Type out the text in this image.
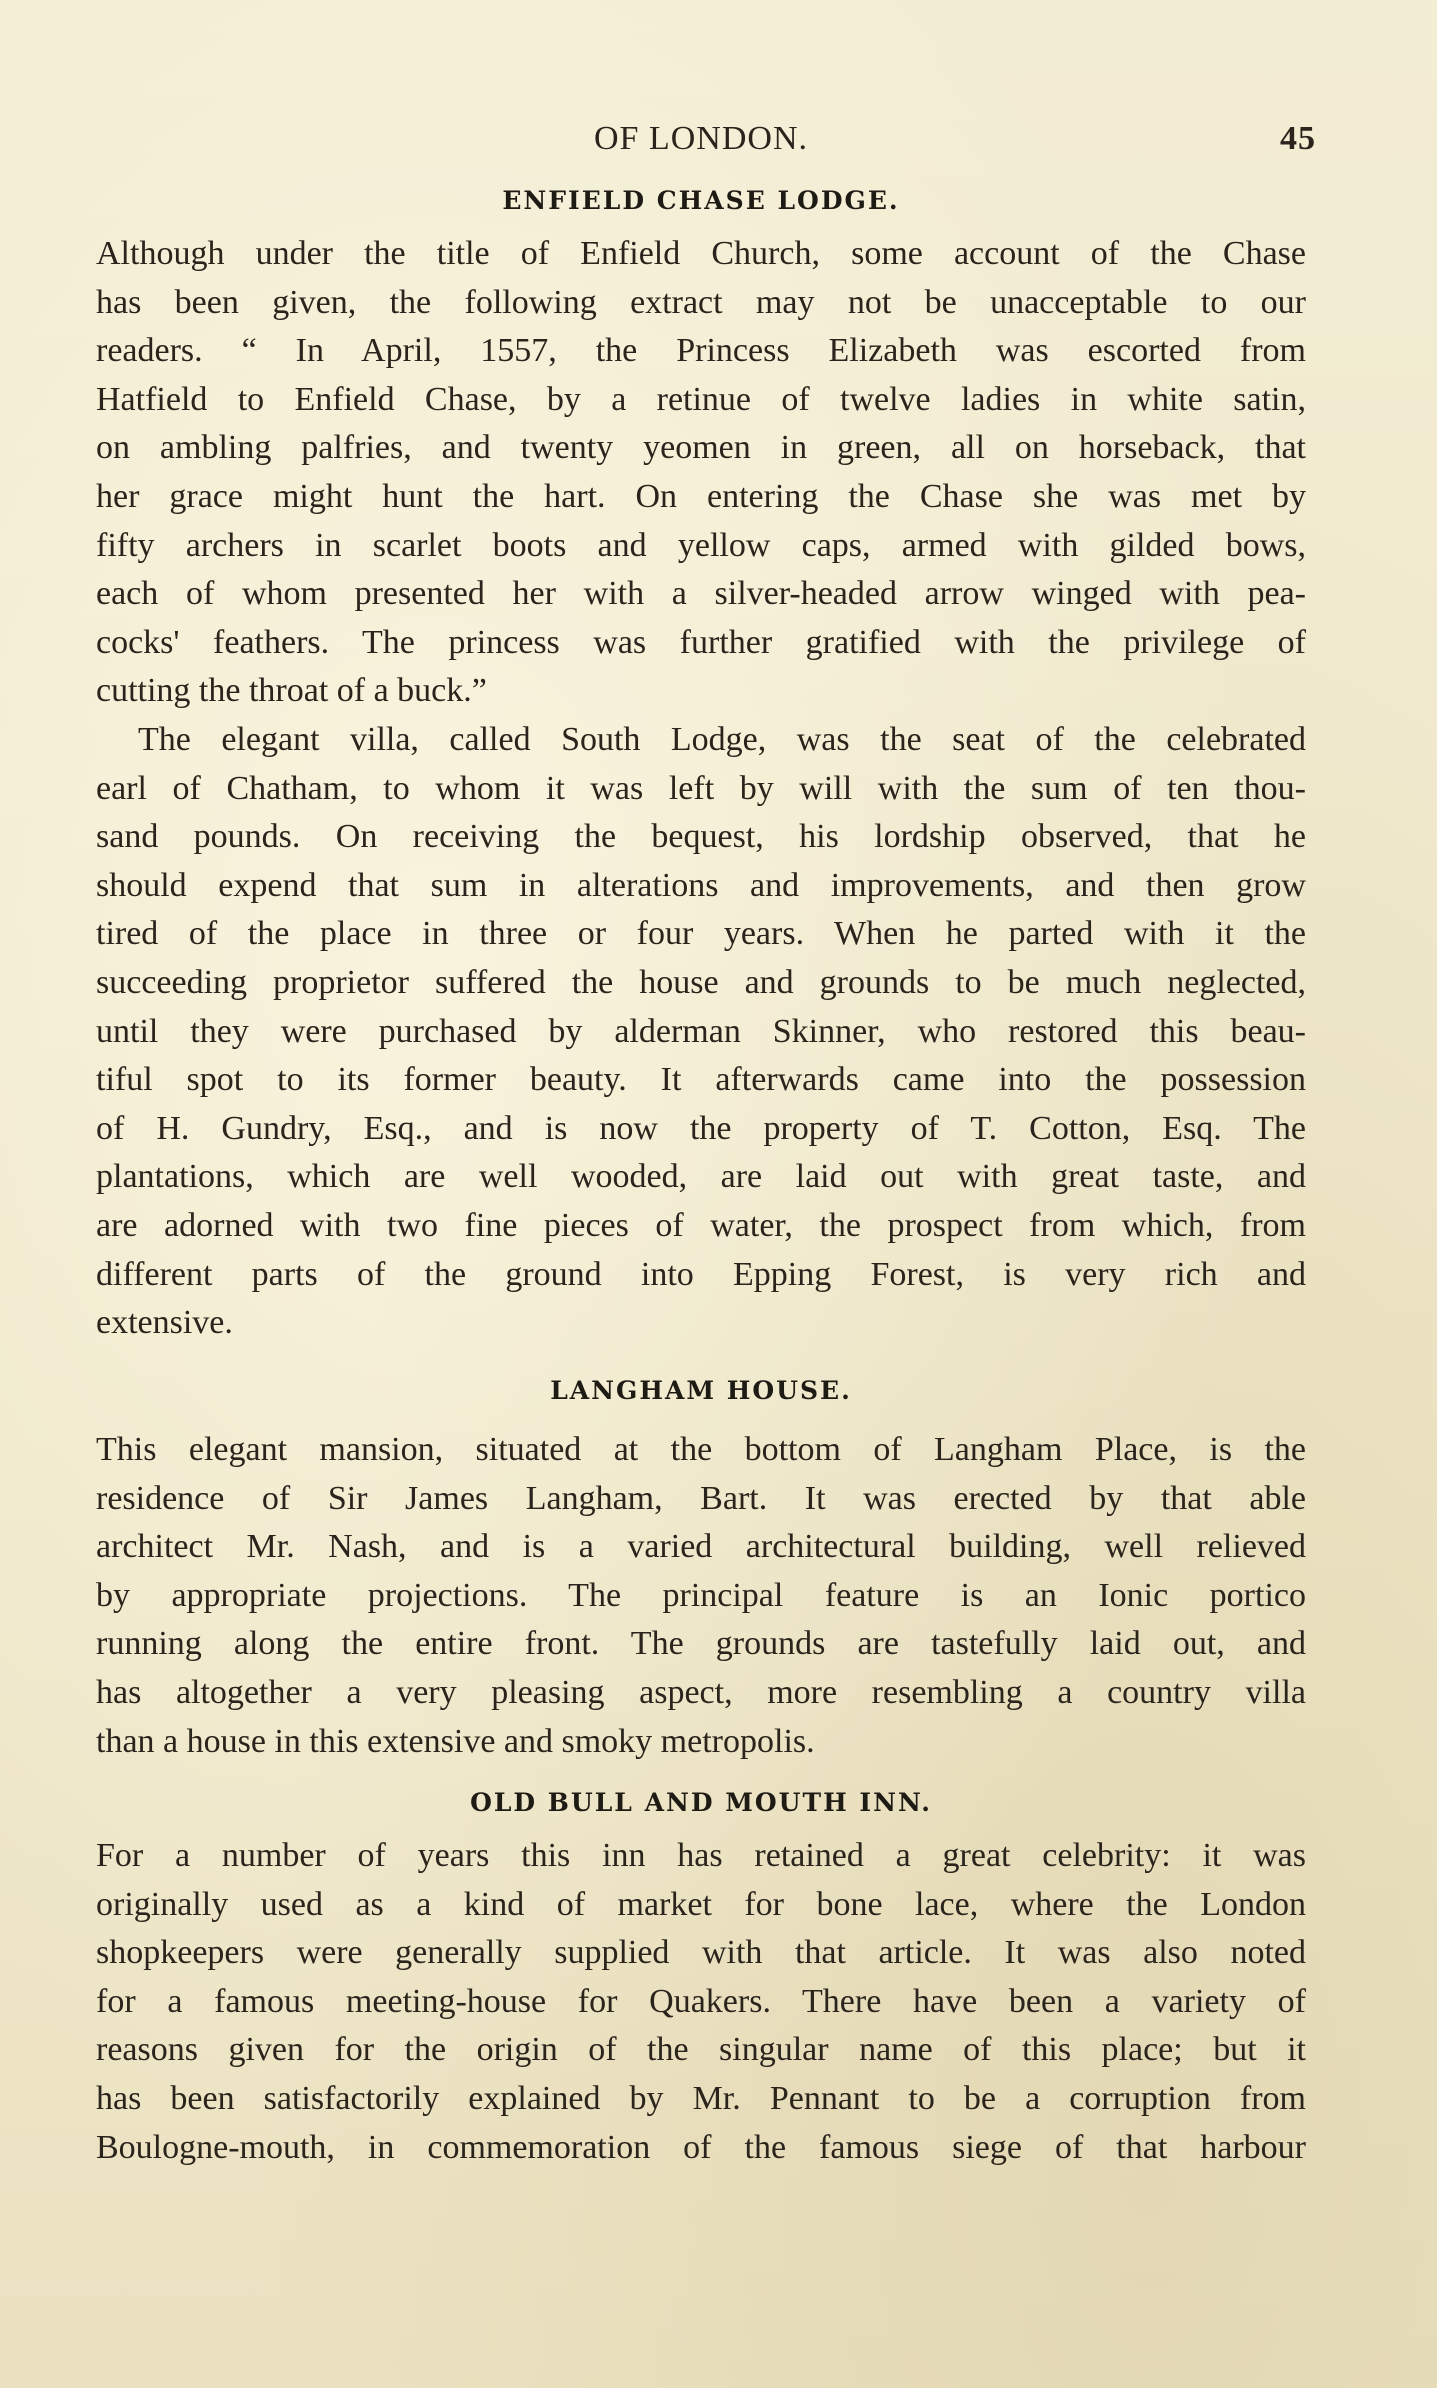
OF LONDON.	45
ENFIELD CHASE LODGE.

Although under the title of Enfield Church, some account of the Chase
has been given, the following extract may not be unacceptable to our
readers. “ In April, 1557, the Princess Elizabeth was escorted from
Hatfield to Enfield Chase, by a retinue of twelve ladies in white satin,
on ambling palfries, and twenty yeomen in green, all on horseback, that
her grace might hunt the hart. On entering the Chase she was met by
fifty archers in scarlet boots and yellow caps, armed with gilded bows,
each of whom presented her with a silver-headed arrow winged with pea-
cocks' feathers. The princess was further gratified with the privilege of
cutting the throat of a buck.”

The elegant villa, called South Lodge, was the seat of the celebrated
earl of Chatham, to whom it was left by will with the sum of ten thou-
sand pounds. On receiving the bequest, his lordship observed, that he
should expend that sum in alterations and improvements, and then grow
tired of the place in three or four years. When he parted with it the
succeeding proprietor suffered the house and grounds to be much neglected,
until they were purchased by alderman Skinner, who restored this beau-
tiful spot to its former beauty. It afterwards came into the possession
of H. Gundry, Esq., and is now the property of T. Cotton, Esq. The
plantations, which are well wooded, are laid out with great taste, and
are adorned with two fine pieces of water, the prospect from which, from
different parts of the ground into Epping Forest, is very rich and
extensive.

LANGHAM HOUSE.

This elegant mansion, situated at the bottom of Langham Place, is the
residence of Sir James Langham, Bart. It was erected by that able
architect Mr. Nash, and is a varied architectural building, well relieved
by appropriate projections. The principal feature is an Ionic portico
running along the entire front. The grounds are tastefully laid out, and
has altogether a very pleasing aspect, more resembling a country villa
than a house in this extensive and smoky metropolis.

OLD BULL AND MOUTH INN.

For a number of years this inn has retained a great celebrity: it was
originally used as a kind of market for bone lace, where the London
shopkeepers were generally supplied with that article. It was also noted
for a famous meeting-house for Quakers. There have been a variety of
reasons given for the origin of the singular name of this place; but it
has been satisfactorily explained by Mr. Pennant to be a corruption from
Boulogne-mouth, in commemoration of the famous siege of that harbour
